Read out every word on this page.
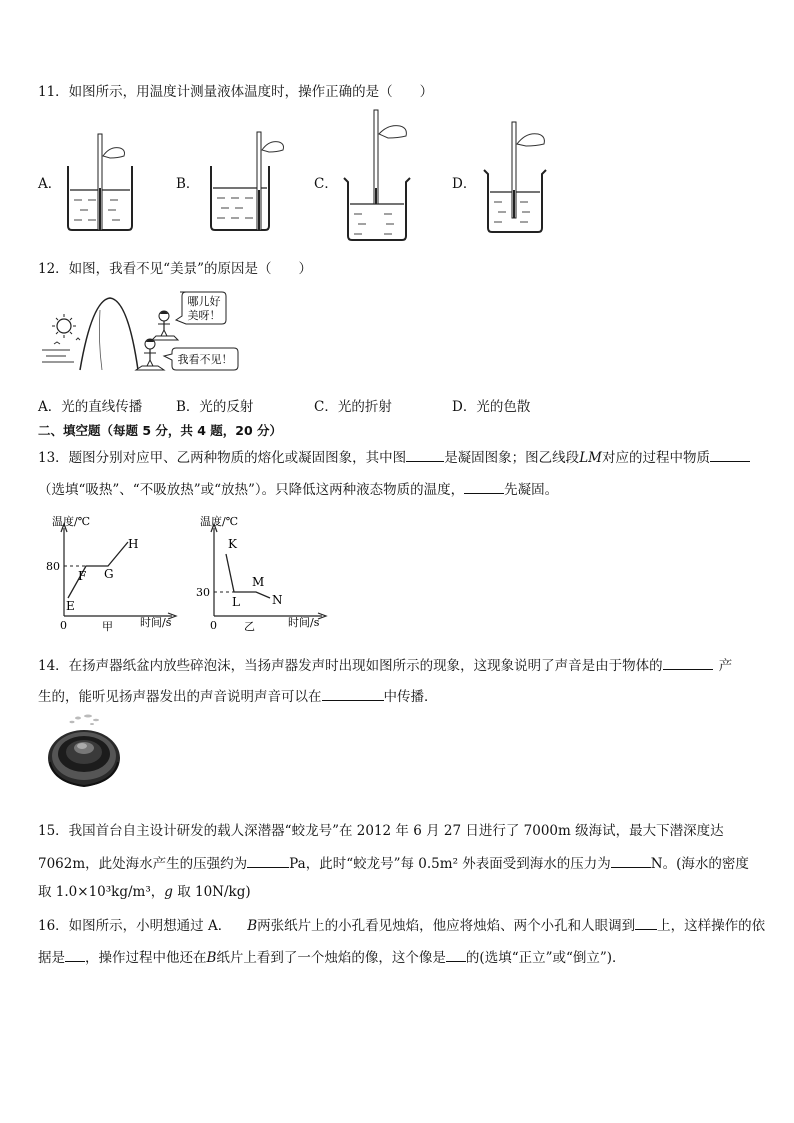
11．如图所示，用温度计测量液体温度时，操作正确的是（　　）
A．	B．	C．	D．
12．如图，我看不见“美景”的原因是（　　）
哪儿好
美呀！
我看不见！
A．光的直线传播	B．光的反射	C．光的折射	D．光的色散
二、填空题（每题 5 分，共 4 题，20 分）
13．题图分别对应甲、乙两种物质的熔化或凝固图象，其中图	是凝固图象；图乙线段LM对应的过程中物质
（选填“吸热”、“不吸放热”或“放热”）。只降低这两种液态物质的温度，	先凝固。
温度/℃
0
80
E
F G
H
甲 时间/s
温度/℃
0
30
K
L
M
N
乙	时间/s
14．在扬声器纸盆内放些碎泡沫，当扬声器发声时出现如图所示的现象，这现象说明了声音是由于物体的	产
生的，能听见扬声器发出的声音说明声音可以在	中传播．
15．我国首台自主设计研发的载人深潜器“蛟龙号”在 2012 年 6 月 27 日进行了 7000m 级海试，最大下潜深度达
7062m，此处海水产生的压强约为	Pa，此时“蛟龙号”每 0.5m² 外表面受到海水的压力为	N。(海水的密度
取 1.0×10³kg/m³，g 取 10N/kg)
16．如图所示，小明想通过 A． B两张纸片上的小孔看见烛焰，他应将烛焰、两个小孔和人眼调到 上，这样操作的依
据是 ，操作过程中他还在B纸片上看到了一个烛焰的像，这个像是 的(选填“正立”或“倒立”)．
